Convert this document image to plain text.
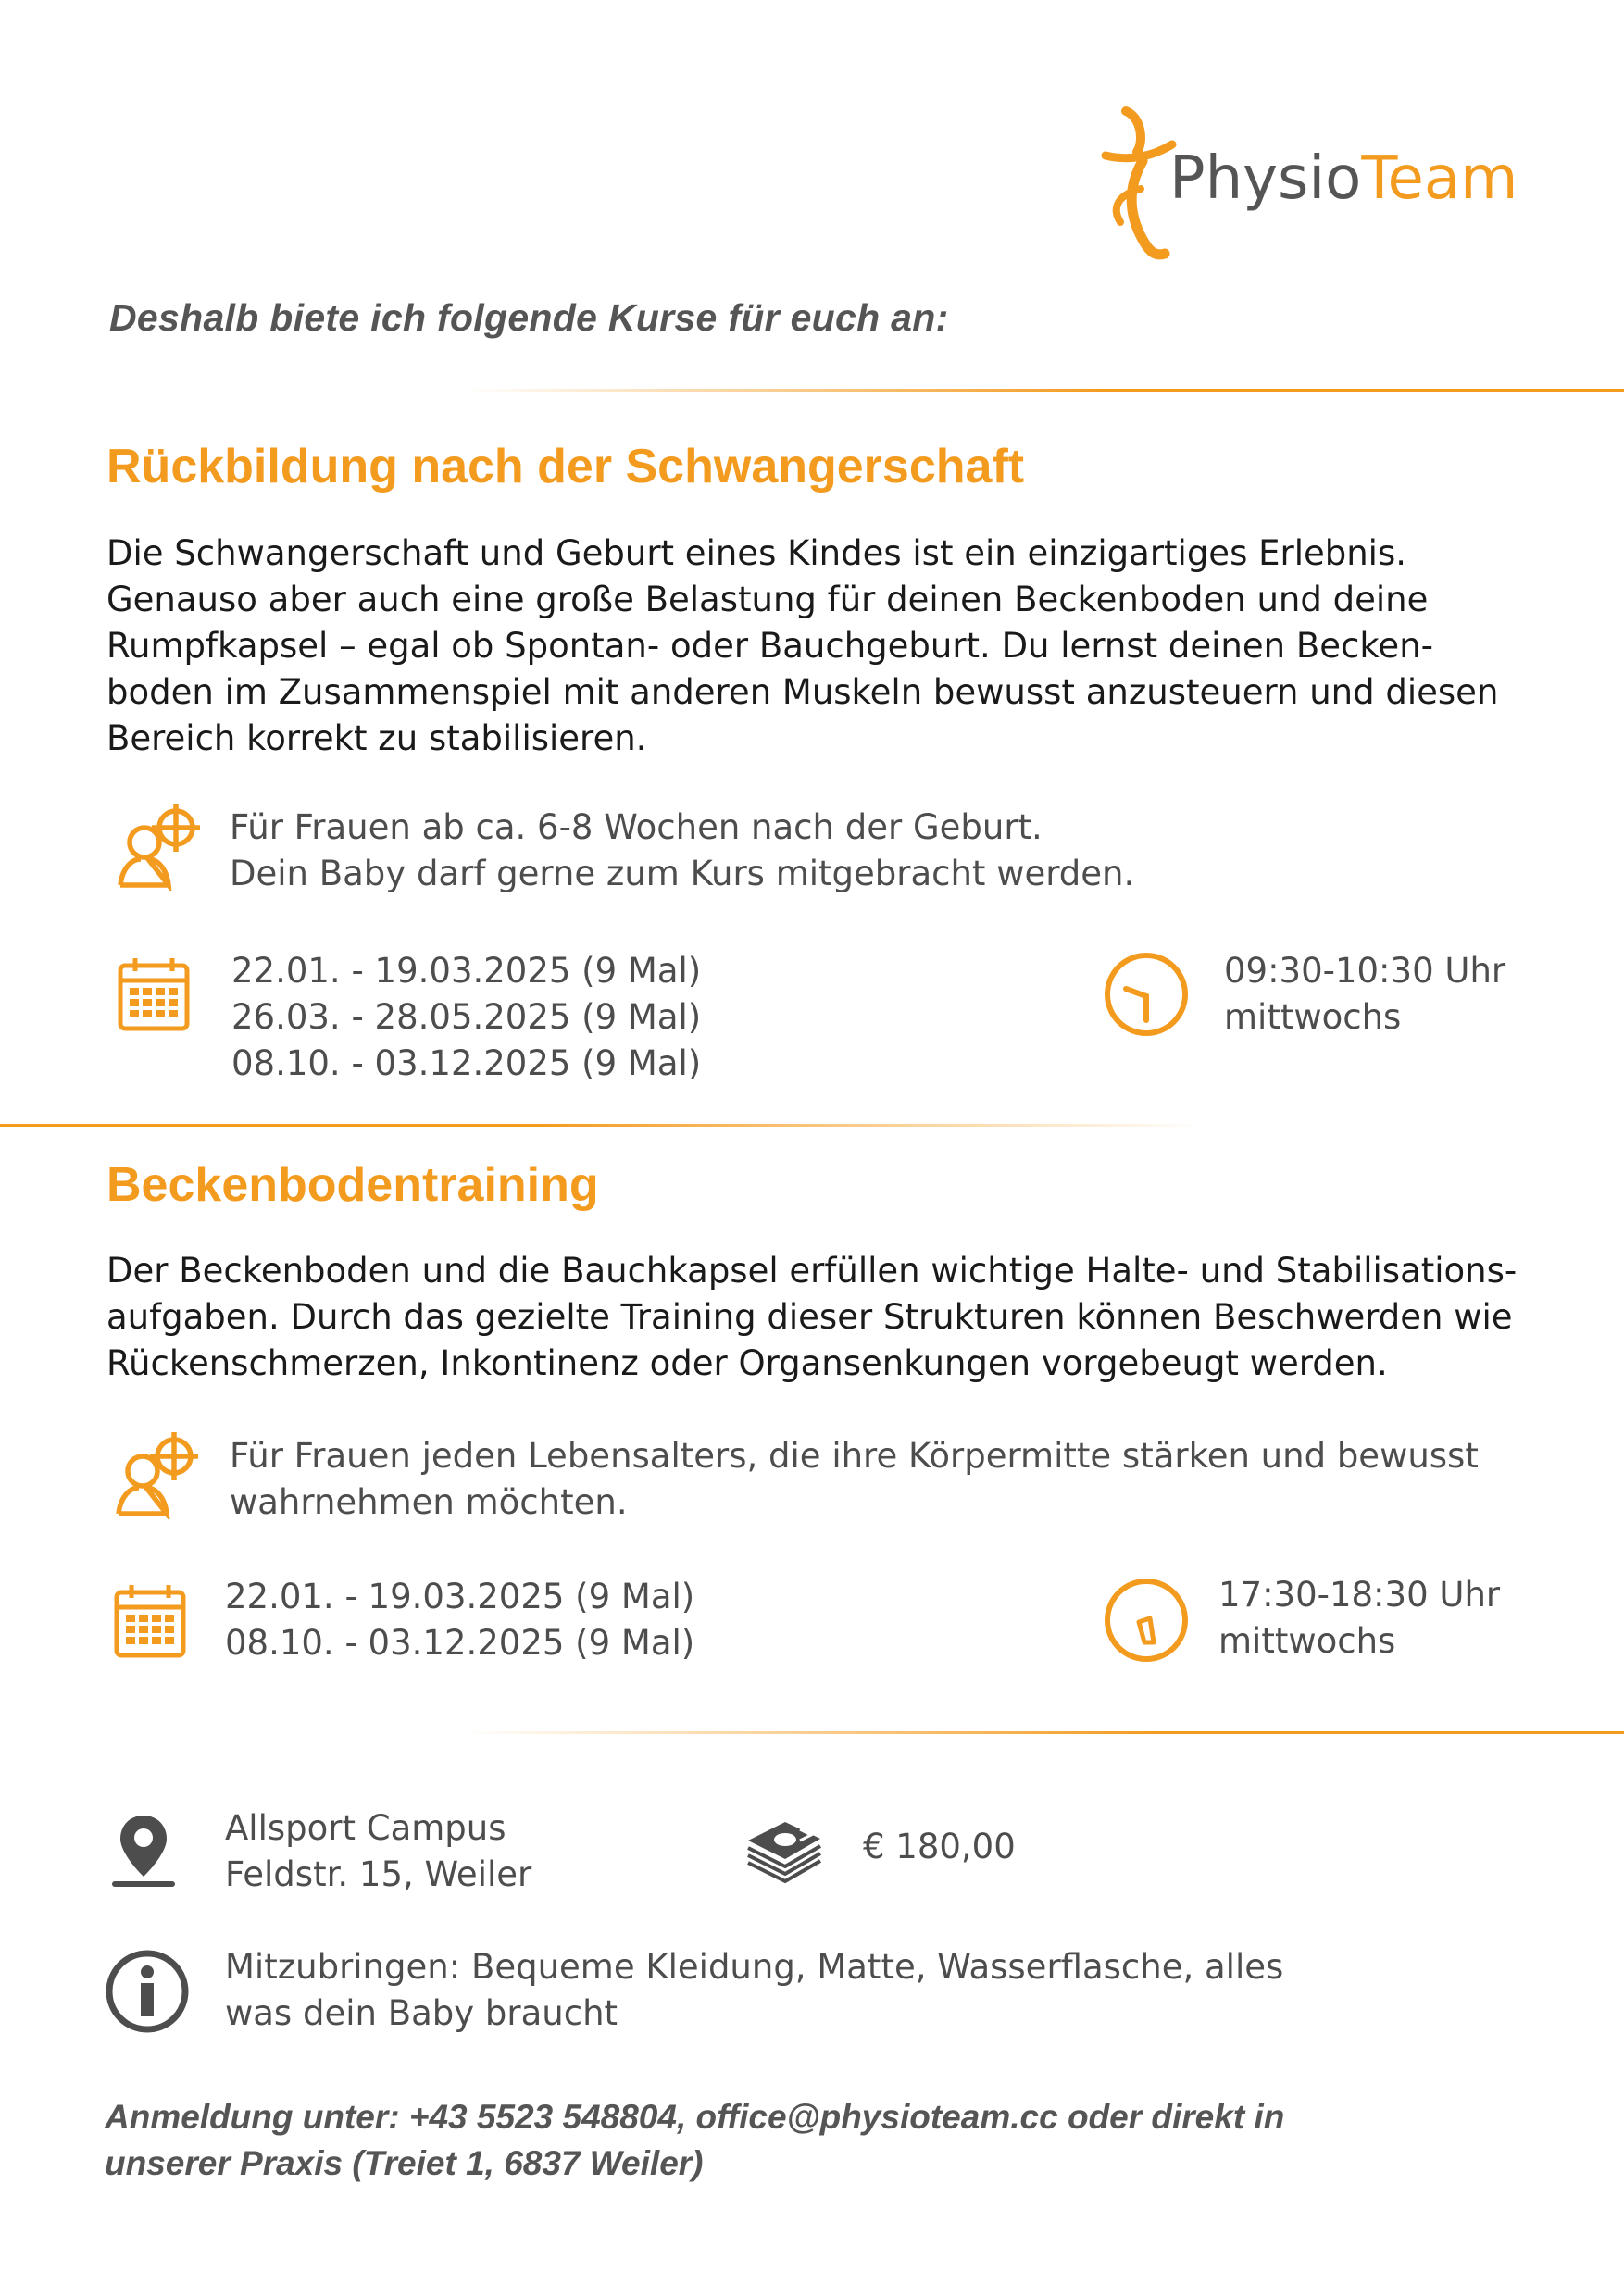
PhysioTeam
Deshalb biete ich folgende Kurse für euch an:
Rückbildung nach der Schwangerschaft
Die Schwangerschaft und Geburt eines Kindes ist ein einzigartiges Erlebnis.
Genauso aber auch eine große Belastung für deinen Beckenboden und deine
Rumpfkapsel – egal ob Spontan- oder Bauchgeburt. Du lernst deinen Becken-
boden im Zusammenspiel mit anderen Muskeln bewusst anzusteuern und diesen
Bereich korrekt zu stabilisieren.
Für Frauen ab ca. 6-8 Wochen nach der Geburt.
Dein Baby darf gerne zum Kurs mitgebracht werden.
22.01. - 19.03.2025 (9 Mal)
26.03. - 28.05.2025 (9 Mal)
08.10. - 03.12.2025 (9 Mal)
09:30-10:30 Uhr
mittwochs
Beckenbodentraining
Der Beckenboden und die Bauchkapsel erfüllen wichtige Halte- und Stabilisations-
aufgaben. Durch das gezielte Training dieser Strukturen können Beschwerden wie
Rückenschmerzen, Inkontinenz oder Organsenkungen vorgebeugt werden.
Für Frauen jeden Lebensalters, die ihre Körpermitte stärken und bewusst
wahrnehmen möchten.
22.01. - 19.03.2025 (9 Mal)
08.10. - 03.12.2025 (9 Mal)
17:30-18:30 Uhr
mittwochs
Allsport Campus
Feldstr. 15, Weiler
€ 180,00
Mitzubringen: Bequeme Kleidung, Matte, Wasserflasche, alles
was dein Baby braucht
Anmeldung unter: +43 5523 548804, office@physioteam.cc oder direkt in
unserer Praxis (Treiet 1, 6837 Weiler)
